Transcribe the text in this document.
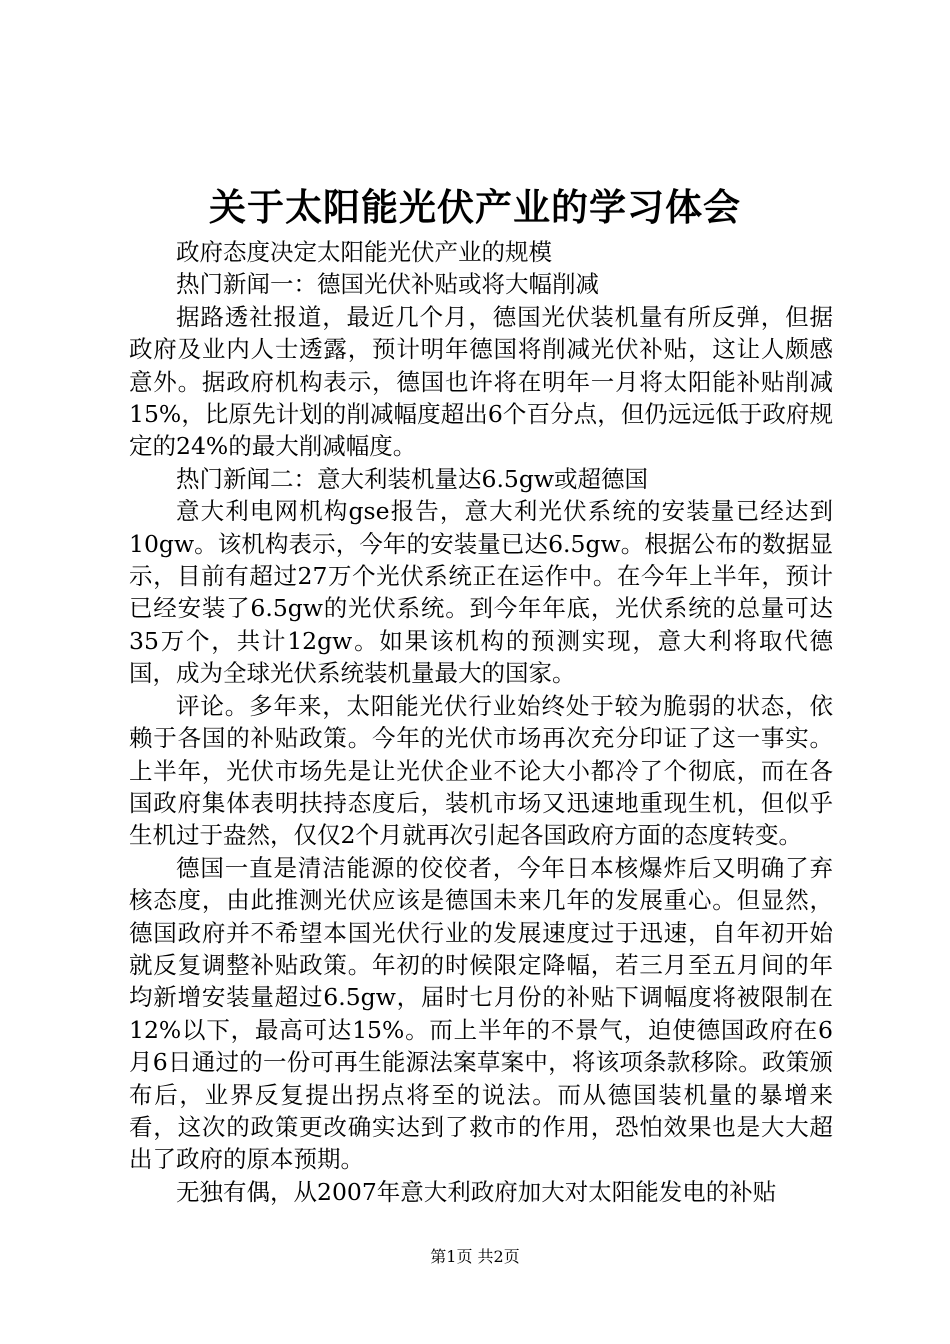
关于太阳能光伏产业的学习体会

政府态度决定太阳能光伏产业的规模

热门新闻一：德国光伏补贴或将大幅削减

据路透社报道，最近几个月，德国光伏装机量有所反弹，但据政府及业内人士透露，预计明年德国将削减光伏补贴，这让人颇感意外。据政府机构表示，德国也许将在明年一月将太阳能补贴削减15%，比原先计划的削减幅度超出6个百分点，但仍远远低于政府规定的24%的最大削减幅度。

热门新闻二：意大利装机量达6.5gw或超德国

意大利电网机构gse报告，意大利光伏系统的安装量已经达到10gw。该机构表示，今年的安装量已达6.5gw。根据公布的数据显示，目前有超过27万个光伏系统正在运作中。在今年上半年，预计已经安装了6.5gw的光伏系统。到今年年底，光伏系统的总量可达35万个，共计12gw。如果该机构的预测实现，意大利将取代德国，成为全球光伏系统装机量最大的国家。

评论。多年来，太阳能光伏行业始终处于较为脆弱的状态，依赖于各国的补贴政策。今年的光伏市场再次充分印证了这一事实。上半年，光伏市场先是让光伏企业不论大小都冷了个彻底，而在各国政府集体表明扶持态度后，装机市场又迅速地重现生机，但似乎生机过于盎然，仅仅2个月就再次引起各国政府方面的态度转变。

德国一直是清洁能源的佼佼者，今年日本核爆炸后又明确了弃核态度，由此推测光伏应该是德国未来几年的发展重心。但显然，德国政府并不希望本国光伏行业的发展速度过于迅速，自年初开始就反复调整补贴政策。年初的时候限定降幅，若三月至五月间的年均新增安装量超过6.5gw，届时七月份的补贴下调幅度将被限制在12%以下，最高可达15%。而上半年的不景气，迫使德国政府在6月6日通过的一份可再生能源法案草案中，将该项条款移除。政策颁布后，业界反复提出拐点将至的说法。而从德国装机量的暴增来看，这次的政策更改确实达到了救市的作用，恐怕效果也是大大超出了政府的原本预期。

无独有偶，从2007年意大利政府加大对太阳能发电的补贴

第1页 共2页
